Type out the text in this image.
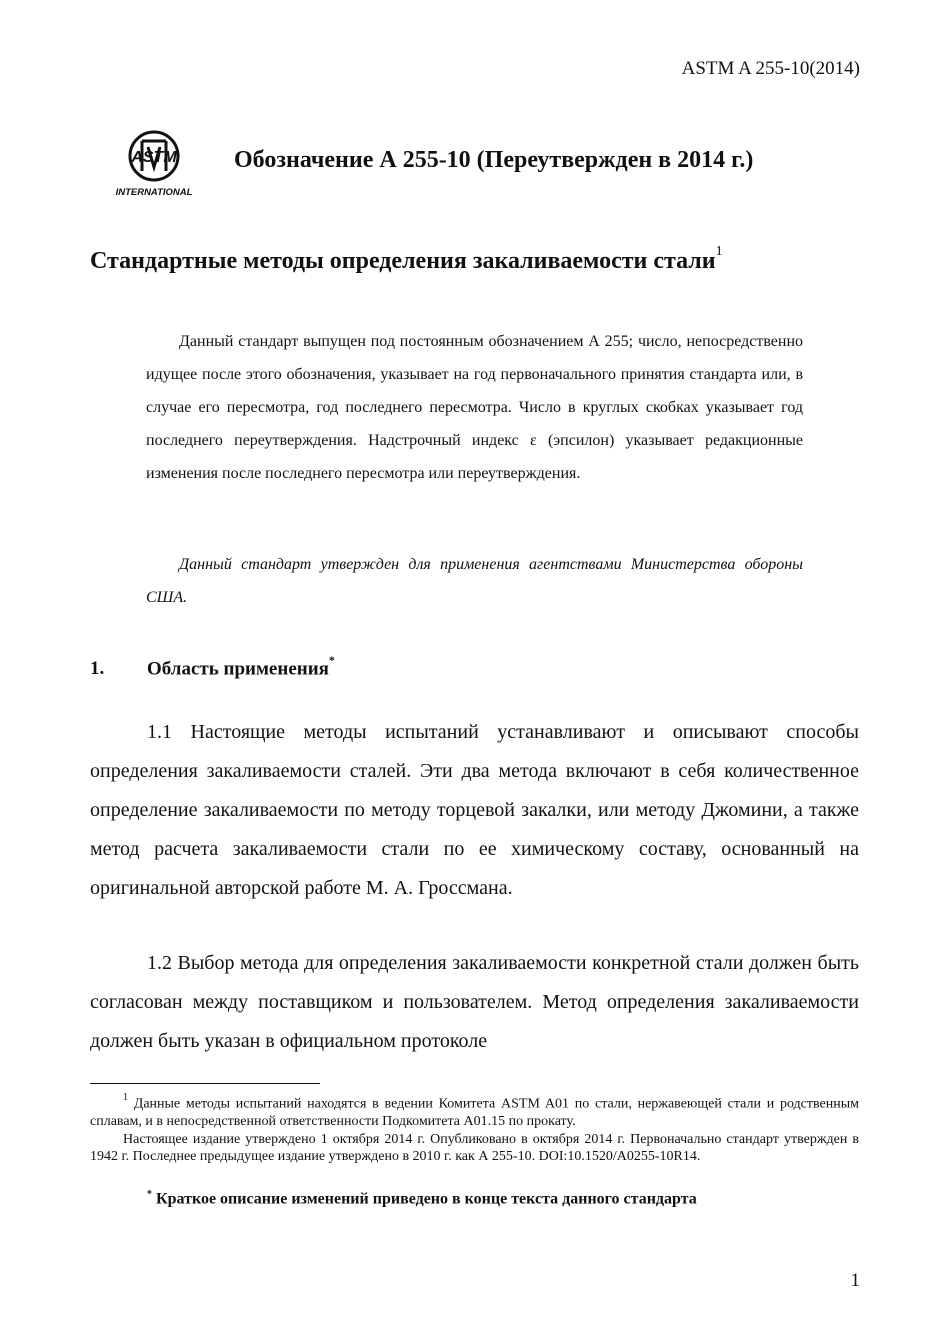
ASTM A 255-10(2014)
ASTM
INTERNATIONAL
Обозначение А 255-10 (Переутвержден в 2014 г.)
Стандартные методы определения закаливаемости стали$^1$
Данный стандарт выпущен под постоянным обозначением А 255; число, непосредственно идущее после этого обозначения, указывает на год первоначального принятия стандарта или, в случае его пересмотра, год последнего пересмотра. Число в круглых скобках указывает год последнего переутверждения. Надстрочный индекс ε (эпсилон) указывает редакционные изменения после последнего пересмотра или переутверждения.
Данный стандарт утвержден для применения агентствами Министерства обороны США.
1. Область применения*
1.1 Настоящие методы испытаний устанавливают и описывают способы определения закаливаемости сталей. Эти два метода включают в себя количественное определение закаливаемости по методу торцевой закалки, или методу Джомини, а также метод расчета закаливаемости стали по ее химическому составу, основанный на оригинальной авторской работе М. А. Гроссмана.
1.2 Выбор метода для определения закаливаемости конкретной стали должен быть согласован между поставщиком и пользователем. Метод определения закаливаемости должен быть указан в официальном протоколе
$^1$ Данные методы испытаний находятся в ведении Комитета ASTM A01 по стали, нержавеющей стали и родственным сплавам, и в непосредственной ответственности Подкомитета A01.15 по прокату.
Настоящее издание утверждено 1 октября 2014 г. Опубликовано в октября 2014 г. Первоначально стандарт утвержден в 1942 г. Последнее предыдущее издание утверждено в 2010 г. как А 255-10. DOI:10.1520/A0255-10R14.
* Краткое описание изменений приведено в конце текста данного стандарта
1
